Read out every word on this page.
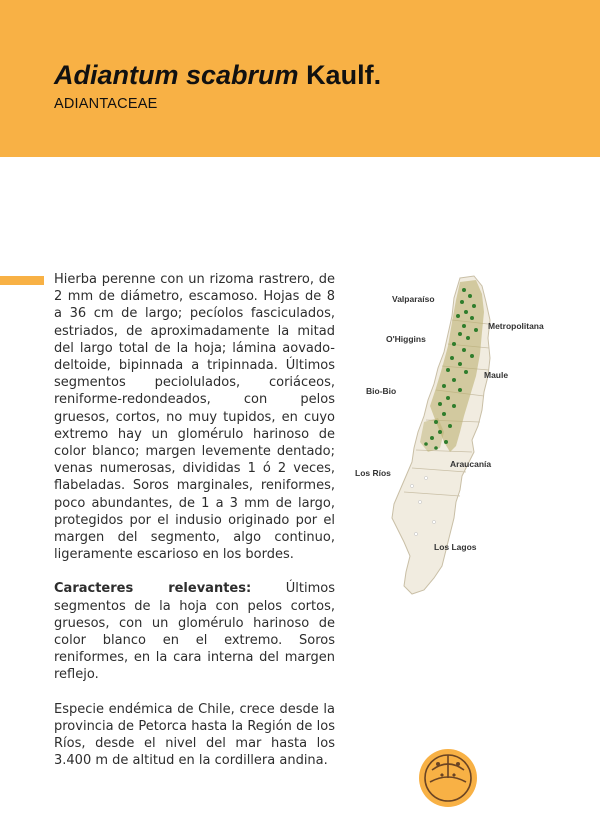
Adiantum scabrum Kaulf.
ADIANTACEAE

Hierba perenne con un rizoma rastrero, de 2 mm de diámetro, escamoso. Hojas de 8 a 36 cm de largo; pecíolos fasciculados, estriados, de aproximadamente la mitad del largo total de la hoja; lámina aovado-deltoide, bipinnada a tripinnada. Últimos segmentos peciolulados, coriáceos, reniforme-redondeados, con pelos gruesos, cortos, no muy tupidos, en cuyo extremo hay un glomérulo harinoso de color blanco; margen levemente dentado; venas numerosas, divididas 1 ó 2 veces, flabeladas. Soros marginales, reniformes, poco abundantes, de 1 a 3 mm de largo, protegidos por el indusio originado por el margen del segmento, algo continuo, ligeramente escarioso en los bordes.

Caracteres relevantes: Últimos segmentos de la hoja con pelos cortos, gruesos, con un glomérulo harinoso de color blanco en el extremo. Soros reniformes, en la cara interna del margen reflejo.

Especie endémica de Chile, crece desde la provincia de Petorca hasta la Región de los Ríos, desde el nivel del mar hasta los 3.400 m de altitud en la cordillera andina.

Valparaíso
Metropolitana
O'Higgins
Maule
Bio-Bio
Araucanía
Los Ríos
Los Lagos
